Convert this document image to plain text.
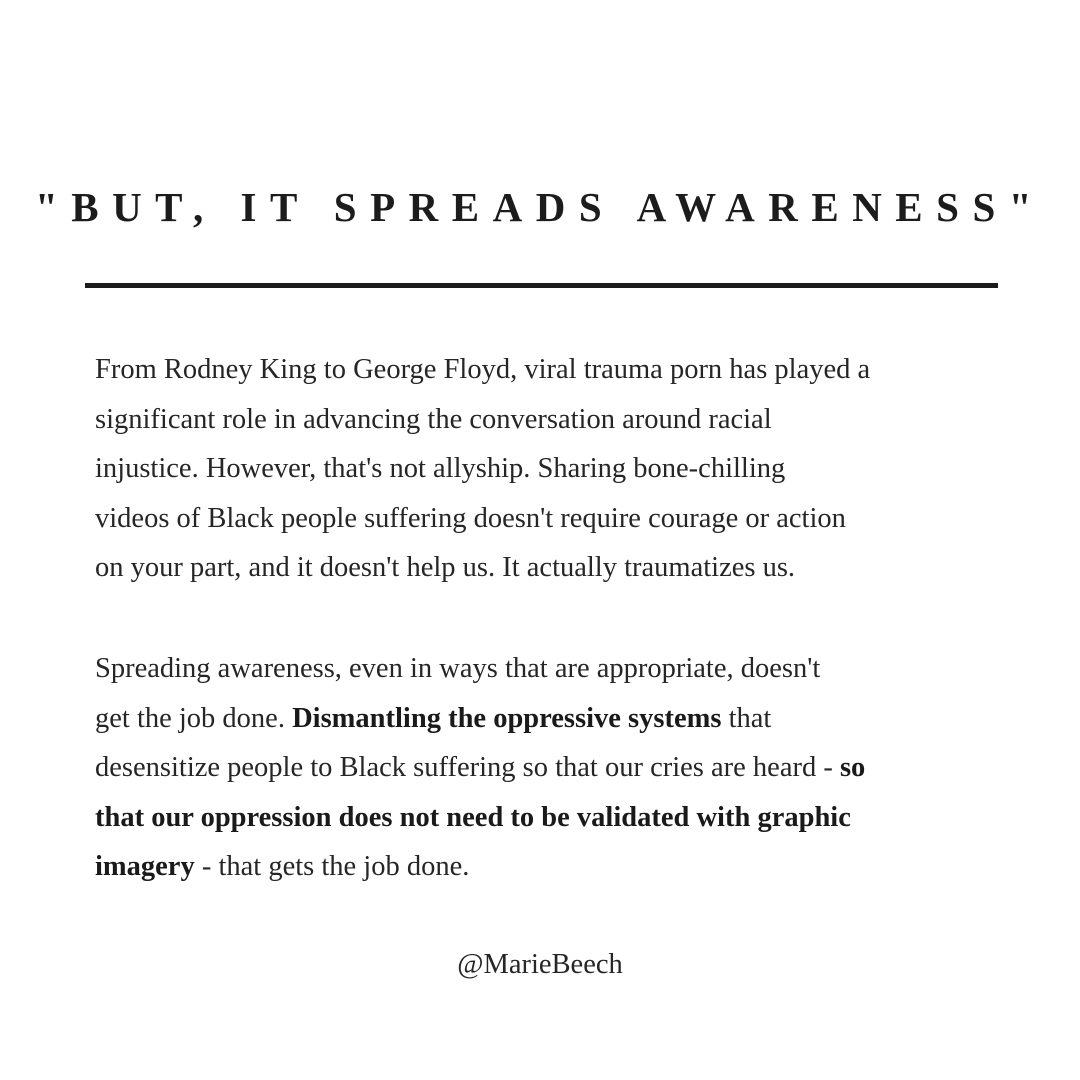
"BUT, IT SPREADS AWARENESS"
From Rodney King to George Floyd, viral trauma porn has played a
significant role in advancing the conversation around racial
injustice. However, that's not allyship. Sharing bone-chilling
videos of Black people suffering doesn't require courage or action
on your part, and it doesn't help us. It actually traumatizes us.
Spreading awareness, even in ways that are appropriate, doesn't
get the job done. Dismantling the oppressive systems that
desensitize people to Black suffering so that our cries are heard - so
that our oppression does not need to be validated with graphic
imagery - that gets the job done.
@MarieBeech
